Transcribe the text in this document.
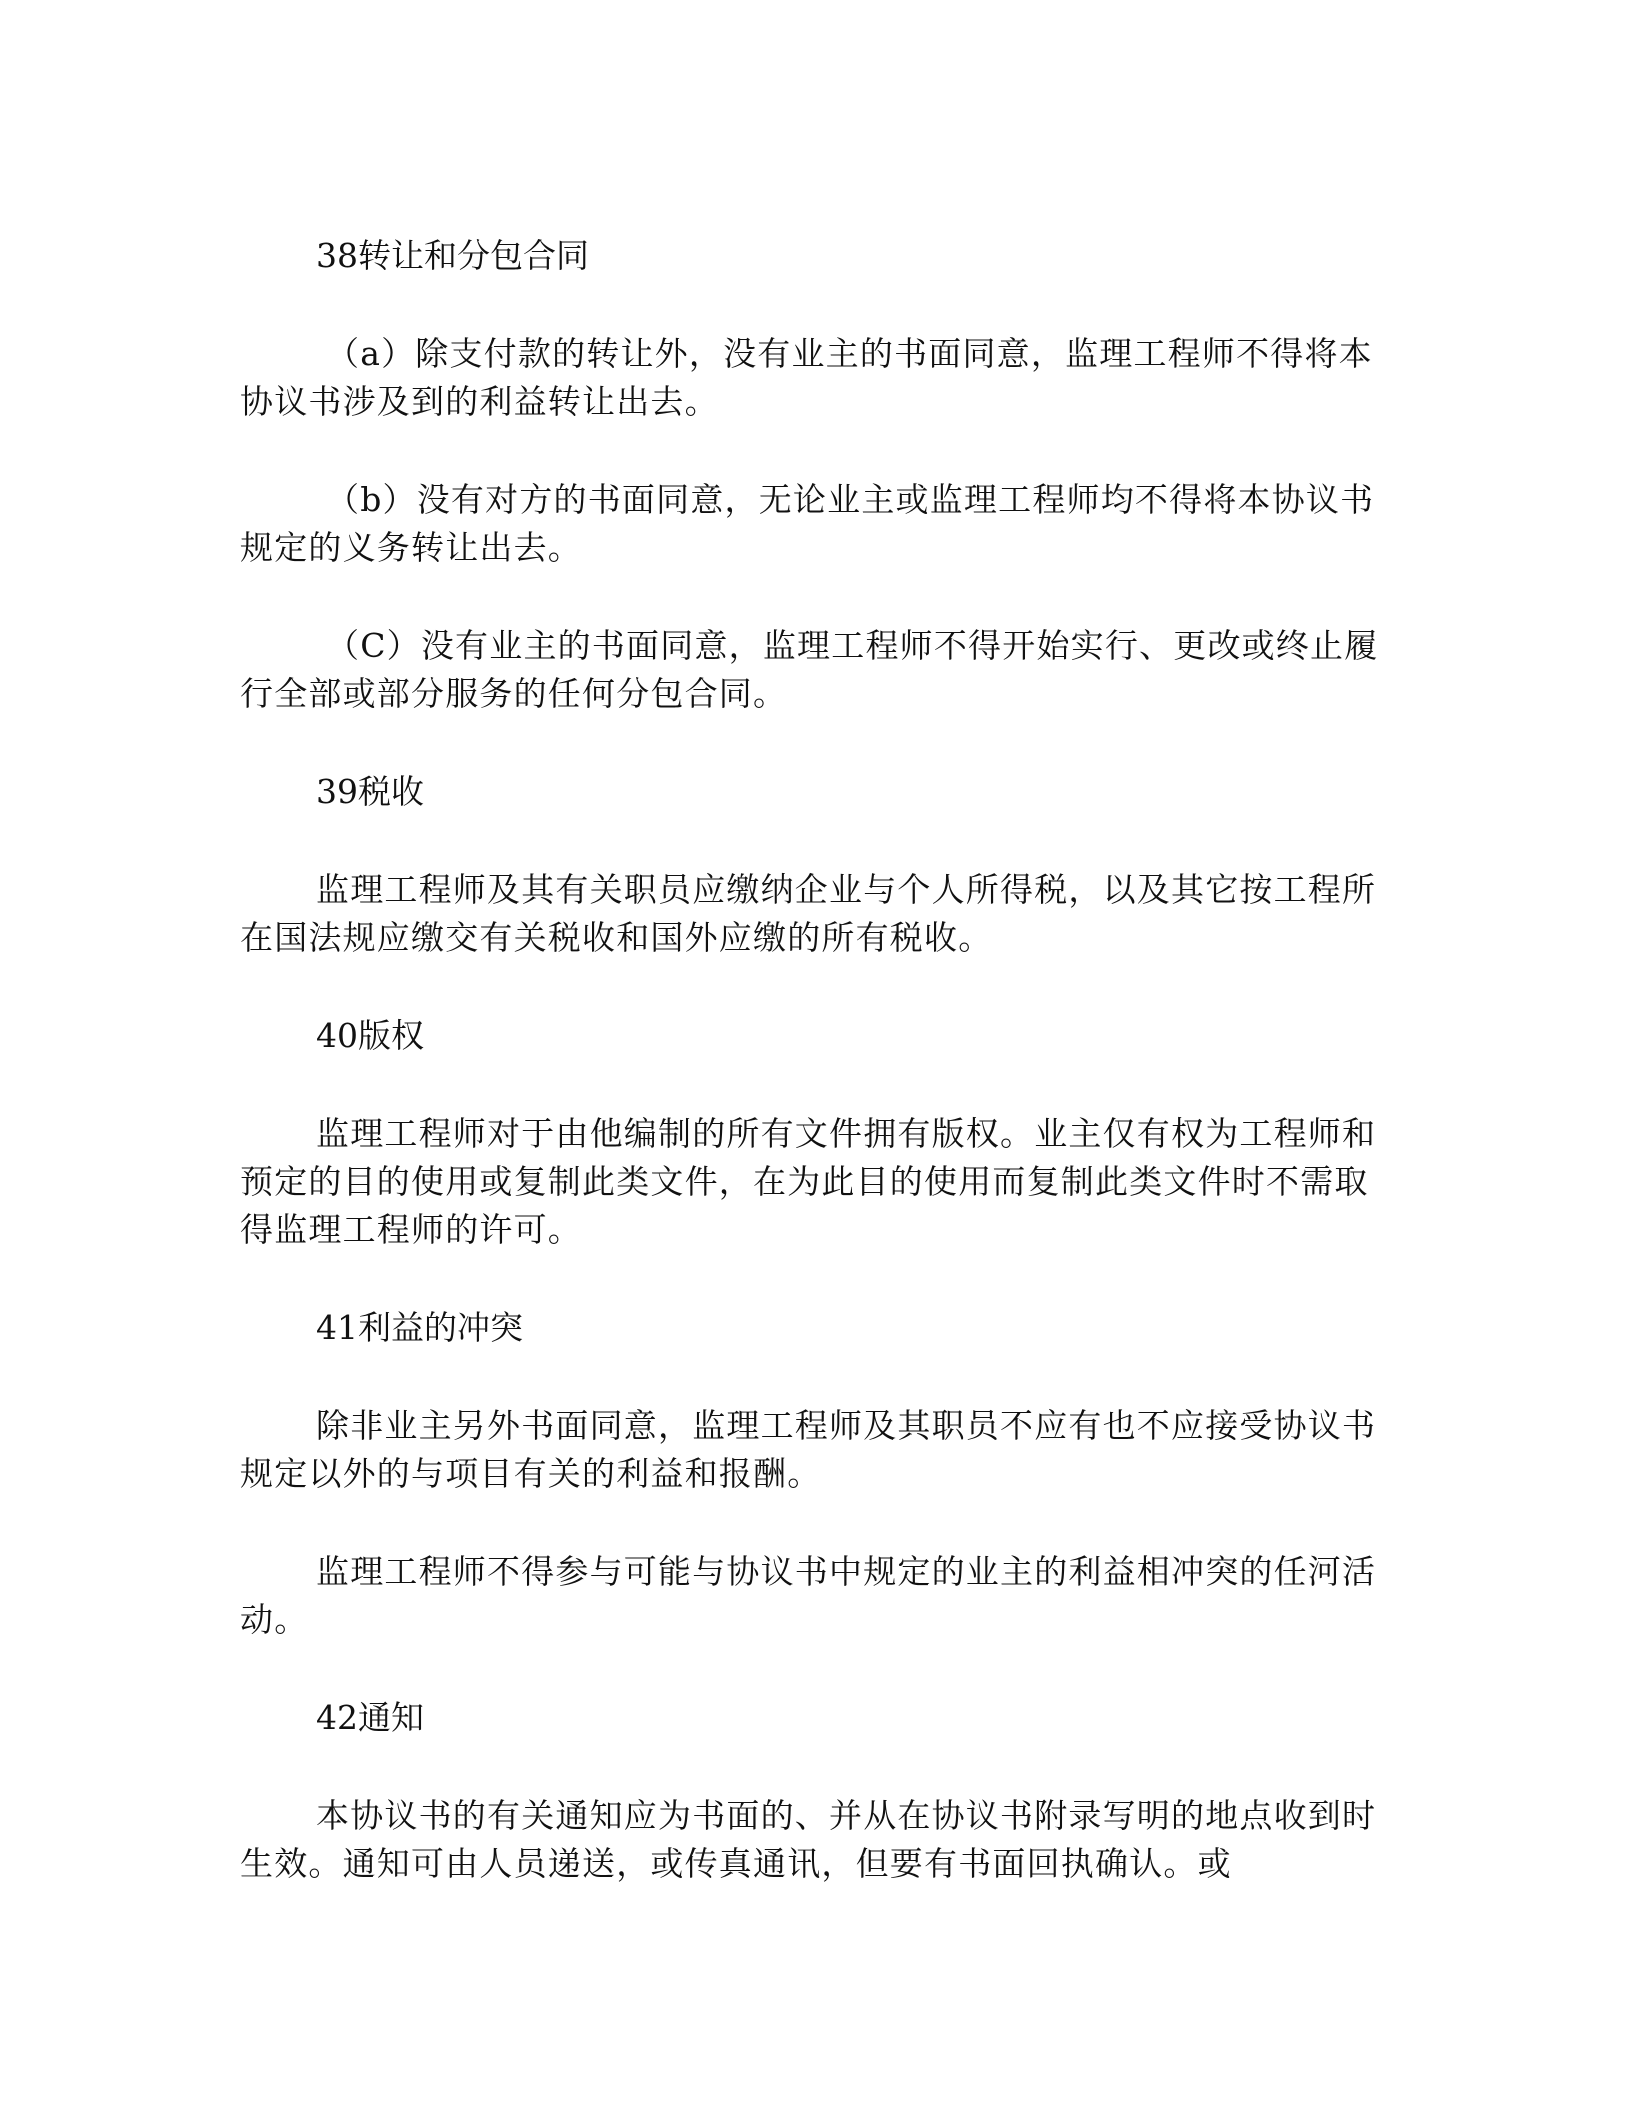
38转让和分包合同

（a）除支付款的转让外，没有业主的书面同意，监理工程师不得将本协议书涉及到的利益转让出去。

（b）没有对方的书面同意，无论业主或监理工程师均不得将本协议书规定的义务转让出去。

（C）没有业主的书面同意，监理工程师不得开始实行、更改或终止履行全部或部分服务的任何分包合同。

39税收

监理工程师及其有关职员应缴纳企业与个人所得税，以及其它按工程所在国法规应缴交有关税收和国外应缴的所有税收。

40版权

监理工程师对于由他编制的所有文件拥有版权。业主仅有权为工程师和预定的目的使用或复制此类文件，在为此目的使用而复制此类文件时不需取得监理工程师的许可。

41利益的冲突

除非业主另外书面同意，监理工程师及其职员不应有也不应接受协议书规定以外的与项目有关的利益和报酬。

监理工程师不得参与可能与协议书中规定的业主的利益相冲突的任河活动。

42通知

本协议书的有关通知应为书面的、并从在协议书附录写明的地点收到时生效。通知可由人员递送，或传真通讯，但要有书面回执确认。或
